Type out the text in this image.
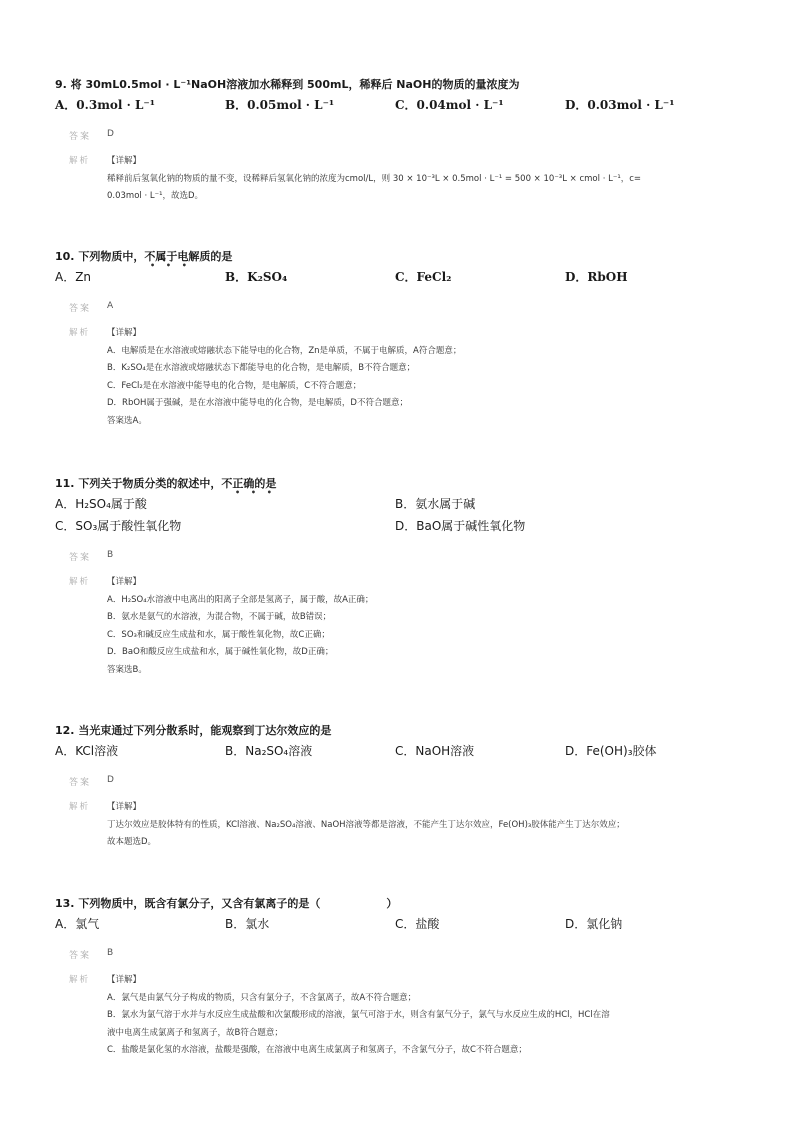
9. 将 30mL0.5mol · L⁻¹NaOH溶液加水稀释到 500mL，稀释后 NaOH的物质的量浓度为
A．0.3mol · L⁻¹	B．0.05mol · L⁻¹	C．0.04mol · L⁻¹	D．0.03mol · L⁻¹
答案 D
解析 【详解】
稀释前后氢氧化钠的物质的量不变，设稀释后氢氧化钠的浓度为cmol/L，则 30 × 10⁻³L × 0.5mol · L⁻¹ = 500 × 10⁻³L × cmol · L⁻¹，c=
0.03mol · L⁻¹，故选D。
10. 下列物质中，不属于电解质的是
• • •
A．Zn	B．K₂SO₄	C．FeCl₂	D．RbOH
答案 A
解析 【详解】
A．电解质是在水溶液或熔融状态下能导电的化合物，Zn是单质，不属于电解质，A符合题意；
B．K₂SO₄是在水溶液或熔融状态下都能导电的化合物，是电解质，B不符合题意；
C．FeCl₂是在水溶液中能导电的化合物，是电解质，C不符合题意；
D．RbOH属于强碱，是在水溶液中能导电的化合物，是电解质，D不符合题意；
答案选A。
11. 下列关于物质分类的叙述中，不正确的是
• • •
A．H₂SO₄属于酸	B．氨水属于碱
C．SO₃属于酸性氧化物	D．BaO属于碱性氧化物
答案 B
解析 【详解】
A．H₂SO₄水溶液中电离出的阳离子全部是氢离子，属于酸，故A正确；
B．氨水是氨气的水溶液，为混合物，不属于碱，故B错误；
C．SO₃和碱反应生成盐和水，属于酸性氧化物，故C正确；
D．BaO和酸反应生成盐和水，属于碱性氧化物，故D正确；
答案选B。
12. 当光束通过下列分散系时，能观察到丁达尔效应的是
A．KCl溶液	B．Na₂SO₄溶液	C．NaOH溶液	D．Fe(OH)₃胶体
答案 D
解析 【详解】
丁达尔效应是胶体特有的性质，KCl溶液、Na₂SO₄溶液、NaOH溶液等都是溶液，不能产生丁达尔效应，Fe(OH)₃胶体能产生丁达尔效应；
故本题选D。
13. 下列物质中，既含有氯分子，又含有氯离子的是（　　　　　　）
A．氯气	B．氯水	C．盐酸	D．氯化钠
答案 B
解析 【详解】
A．氯气是由氯气分子构成的物质，只含有氯分子，不含氯离子，故A不符合题意；
B．氯水为氯气溶于水并与水反应生成盐酸和次氯酸形成的溶液，氯气可溶于水，则含有氯气分子，氯气与水反应生成的HCl，HCl在溶
液中电离生成氯离子和氢离子，故B符合题意；
C．盐酸是氯化氢的水溶液，盐酸是强酸，在溶液中电离生成氯离子和氢离子，不含氯气分子，故C不符合题意；
